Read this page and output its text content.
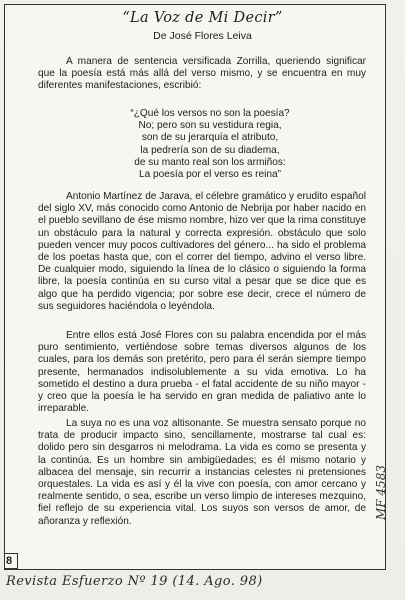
“La Voz de Mi Decir”
De José Flores Leiva

A manera de sentencia versificada Zorrilla, queriendo significar que la poesía está más allá del verso mismo, y se encuentra en muy diferentes manifestaciones, escribió:

“¿Qué los versos no son la poesía?
No; pero son su vestidura regia,
son de su jerarquía el atributo,
la pedrería son de su diadema,
de su manto real son los armiños:
La poesía por el verso es reina”

Antonio Martínez de Jarava, el célebre gramático y erudito español del siglo XV, más conocido como Antonio de Nebrija por haber nacido en el pueblo sevillano de ése mismo nombre, hizo ver que la rima constituye un obstáculo para la natural y correcta expresión. obstáculo que solo pueden vencer muy pocos cultivadores del género... ha sido el problema de los poetas hasta que, con el correr del tiempo, advino el verso libre. De cualquier modo, siguiendo la línea de lo clásico o siguiendo la forma libre, la poesía continúa en su curso vital a pesar que se dice que es algo que ha perdido vigencia; por sobre ese decir, crece el número de sus seguidores haciéndola o leyéndola.

Entre ellos está José Flores con su palabra encendida por el más puro sentimiento, vertiéndose sobre temas diversos algunos de los cuales, para los demás son pretérito, pero para él serán siempre tiempo presente, hermanados indisolublemente a su vida emotiva. Lo ha sometido el destino a dura prueba - el fatal accidente de su niño mayor - y creo que la poesía le ha servido en gran medida de paliativo ante lo irreparable.

La suya no es una voz altisonante. Se muestra sensato porque no trata de producir impacto sino, sencillamente, mostrarse tal cual es: dolido pero sin desgarros ni melodrama. La vida es como se presenta y la continúa. Es un hombre sin ambigüedades; es él mismo notario y albacea del mensaje, sin recurrir a instancias celestes ni pretensiones orquestales. La vida es así y él la vive con poesía, con amor cercano y realmente sentido, o sea, escribe un verso limpio de intereses mezquino, fiel reflejo de su experiencia vital. Los suyos son versos de amor, de añoranza y reflexión.

8
MF 4583
Revista Esfuerzo Nº 19 (14. Ago. 98)
